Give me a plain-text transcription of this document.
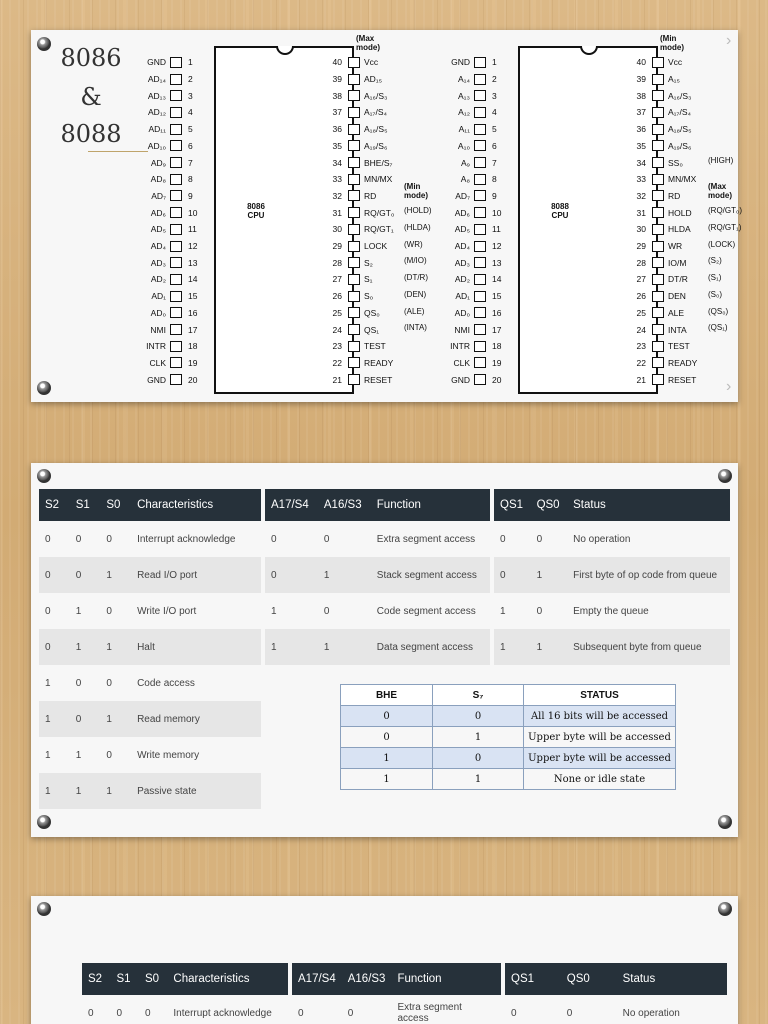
›
›
8086
&
8088
8086
CPU
GND	1
AD₁₄	2
AD₁₃	3
AD₁₂	4
AD₁₁	5
AD₁₀	6
AD₉	7
AD₈	8
AD₇	9
AD₆	10
AD₅	11
AD₄	12
AD₃	13
AD₂	14
AD₁	15
AD₀	16
NMI	17
INTR	18
CLK	19
GND	20
40	Vcc
39	AD₁₅
38	A₁₆/S₃
37	A₁₇/S₄
36	A₁₈/S₅
35	A₁₉/S₆
34	BHE/S₇
33	MN/MX
32	RD
31	RQ/GT₀
30	RQ/GT₁
29	LOCK
28	S₂
27	S₁
26	S₀
25	QS₀
24	QS₁
23	TEST
22	READY
21	RESET
(Max
mode)
(Min
mode)
(HOLD)
(HLDA)
(WR)
(M/IO)
(DT/R)
(DEN)
(ALE)
(INTA)
8088
CPU
GND	1
A₁₄	2
A₁₃	3
A₁₂	4
A₁₁	5
A₁₀	6
A₉	7
A₈	8
AD₇	9
AD₆	10
AD₅	11
AD₄	12
AD₃	13
AD₂	14
AD₁	15
AD₀	16
NMI	17
INTR	18
CLK	19
GND	20
40	Vcc
39	A₁₅
38	A₁₆/S₃
37	A₁₇/S₄
36	A₁₈/S₅
35	A₁₉/S₆
34	SS₀
33	MN/MX
32	RD
31	HOLD
30	HLDA
29	WR
28	IO/M
27	DT/R
26	DEN
25	ALE
24	INTA
23	TEST
22	READY
21	RESET
(Min
mode)
(Max
mode)
(RQ/GT₀)
(RQ/GT₁)
(LOCK)
(S₂)
(S₁)
(S₀)
(QS₀)
(QS₁)
(HIGH)
S2	S1	S0	Characteristics
0	0	0	Interrupt acknowledge
0	0	1	Read I/O port
0	1	0	Write I/O port
0	1	1	Halt
1	0	0	Code access
1	0	1	Read memory
1	1	0	Write memory
1	1	1	Passive state
A17/S4	A16/S3	Function
0	0	Extra segment access
0	1	Stack segment access
1	0	Code segment access
1	1	Data segment access
QS1	QS0	Status
0	0	No operation
0	1	First byte of op code from queue
1	0	Empty the queue
1	1	Subsequent byte from queue
BHE	S₇	STATUS
0	0	All 16 bits will be accessed
0	1	Upper byte will be accessed
1	0	Upper byte will be accessed
1	1	None or idle state
S2	S1	S0	Characteristics
0	0	0	Interrupt acknowledge
A17/S4	A16/S3	Function
0	0	Extra segment access
QS1	QS0	Status
0	0	No operation
